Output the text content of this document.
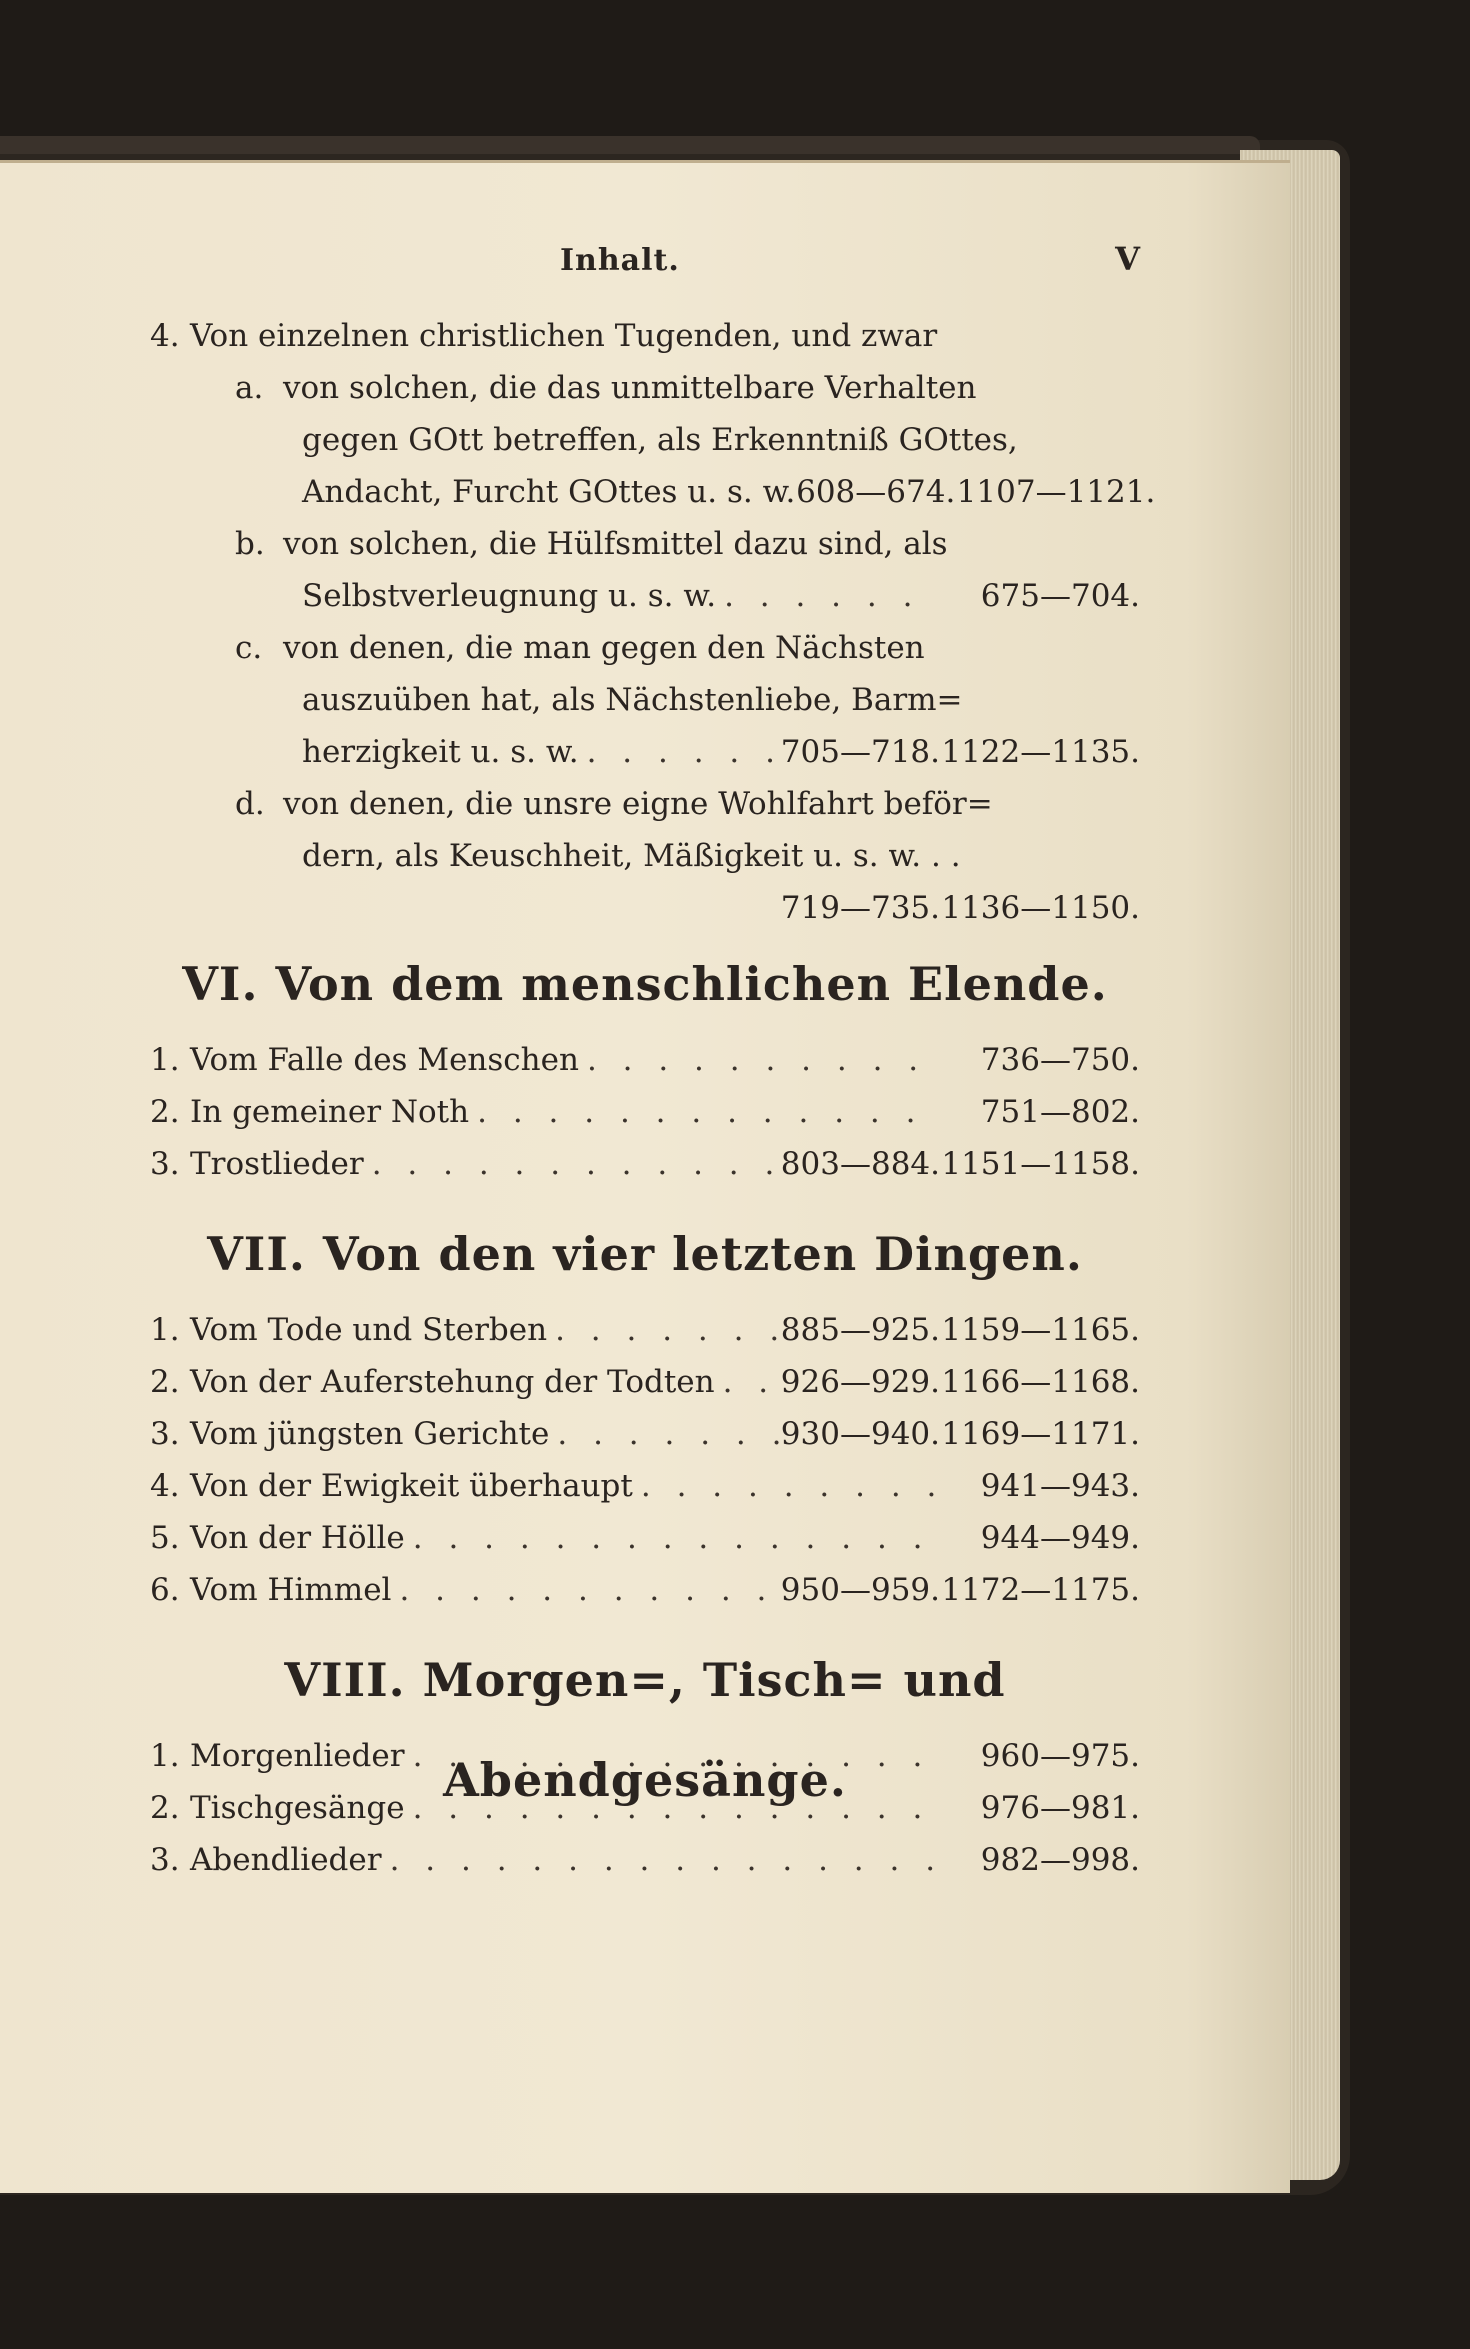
Inhalt.	V
4. Von einzelnen christlichen Tugenden, und zwar
a. von solchen, die das unmittelbare Verhalten
gegen GOtt betreffen, als Erkenntniß GOttes,
Andacht, Furcht GOttes u. s. w. 608—674. 1107—1121.
b. von solchen, die Hülfsmittel dazu sind, als
Selbstverleugnung u. s. w. . . .	675—704.
c. von denen, die man gegen den Nächsten
auszuüben hat, als Nächstenliebe, Barm=
herzigkeit u. s. w. . . .	705—718. 1122—1135.
d. von denen, die unsre eigne Wohlfahrt beför=
dern, als Keuschheit, Mäßigkeit u. s. w. . .
719—735. 1136—1150.
VI. Von dem menschlichen Elende.
1. Vom Falle des Menschen . . .	736—750.
2. In gemeiner Noth . . .	751—802.
3. Trostlieder . . .	803—884. 1151—1158.
VII. Von den vier letzten Dingen.
1. Vom Tode und Sterben . . .	885—925. 1159—1165.
2. Von der Auferstehung der Todten . . . 926—929. 1166—1168.
3. Vom jüngsten Gerichte . . .	930—940. 1169—1171.
4. Von der Ewigkeit überhaupt . . .	941—943.
5. Von der Hölle . . .	944—949.
6. Vom Himmel . . .	950—959. 1172—1175.
VIII. Morgen=, Tisch= und Abendgesänge.
1. Morgenlieder . . .	960—975.
2. Tischgesänge . . .	976—981.
3. Abendlieder . . .	982—998.
